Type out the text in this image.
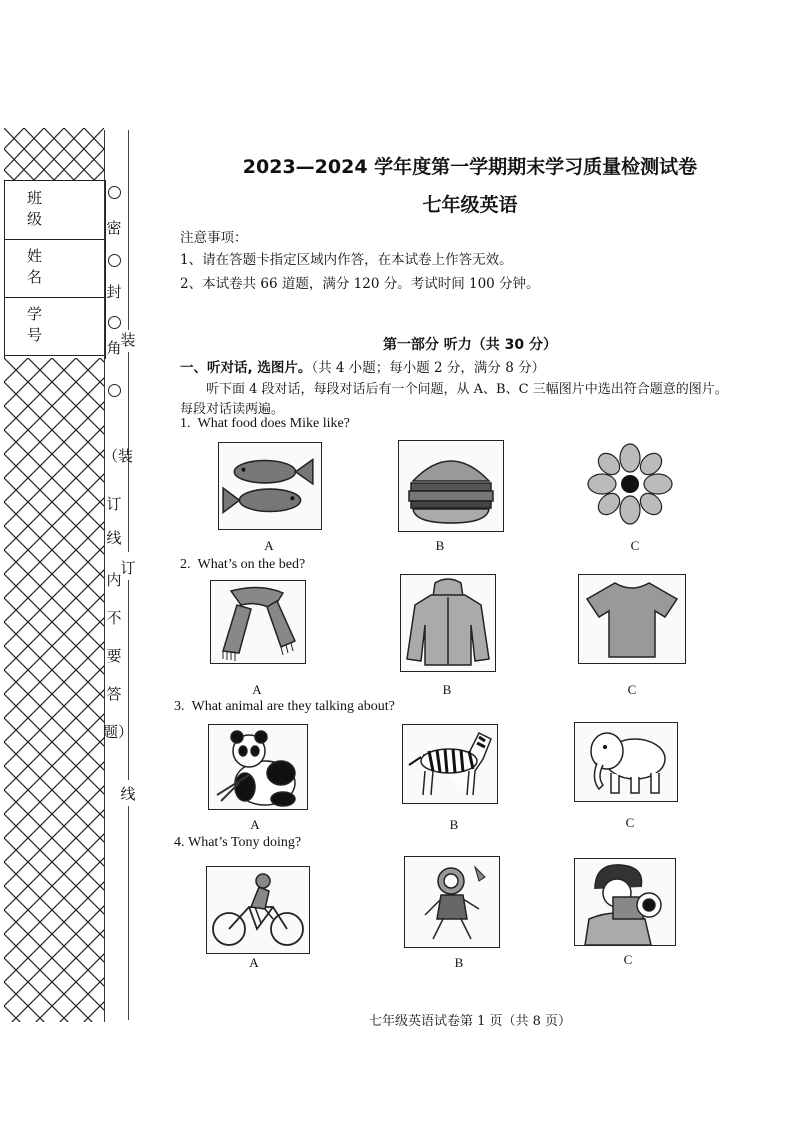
班 级
姓 名
学 号
密
封
角
装
订
线
（装
订
线
内
不
要
答
题）
2023—2024 学年度第一学期期末学习质量检测试卷
七年级英语
注意事项：
1、请在答题卡指定区域内作答，在本试卷上作答无效。
2、本试卷共 66 道题，满分 120 分。考试时间 100 分钟。
第一部分 听力（共 30 分）
一、听对话, 选图片。（共 4 小题；每小题 2 分，满分 8 分）
听下面 4 段对话，每段对话后有一个问题，从 A、B、C 三幅图片中选出符合题意的图片。
每段对话读两遍。
1. What food does Mike like?
A	B	C
2. What’s on the bed?
A	B	C
3. What animal are they talking about?
A	B	C
4. What’s Tony doing?
A	B	C
七年级英语试卷第 1 页（共 8 页）
